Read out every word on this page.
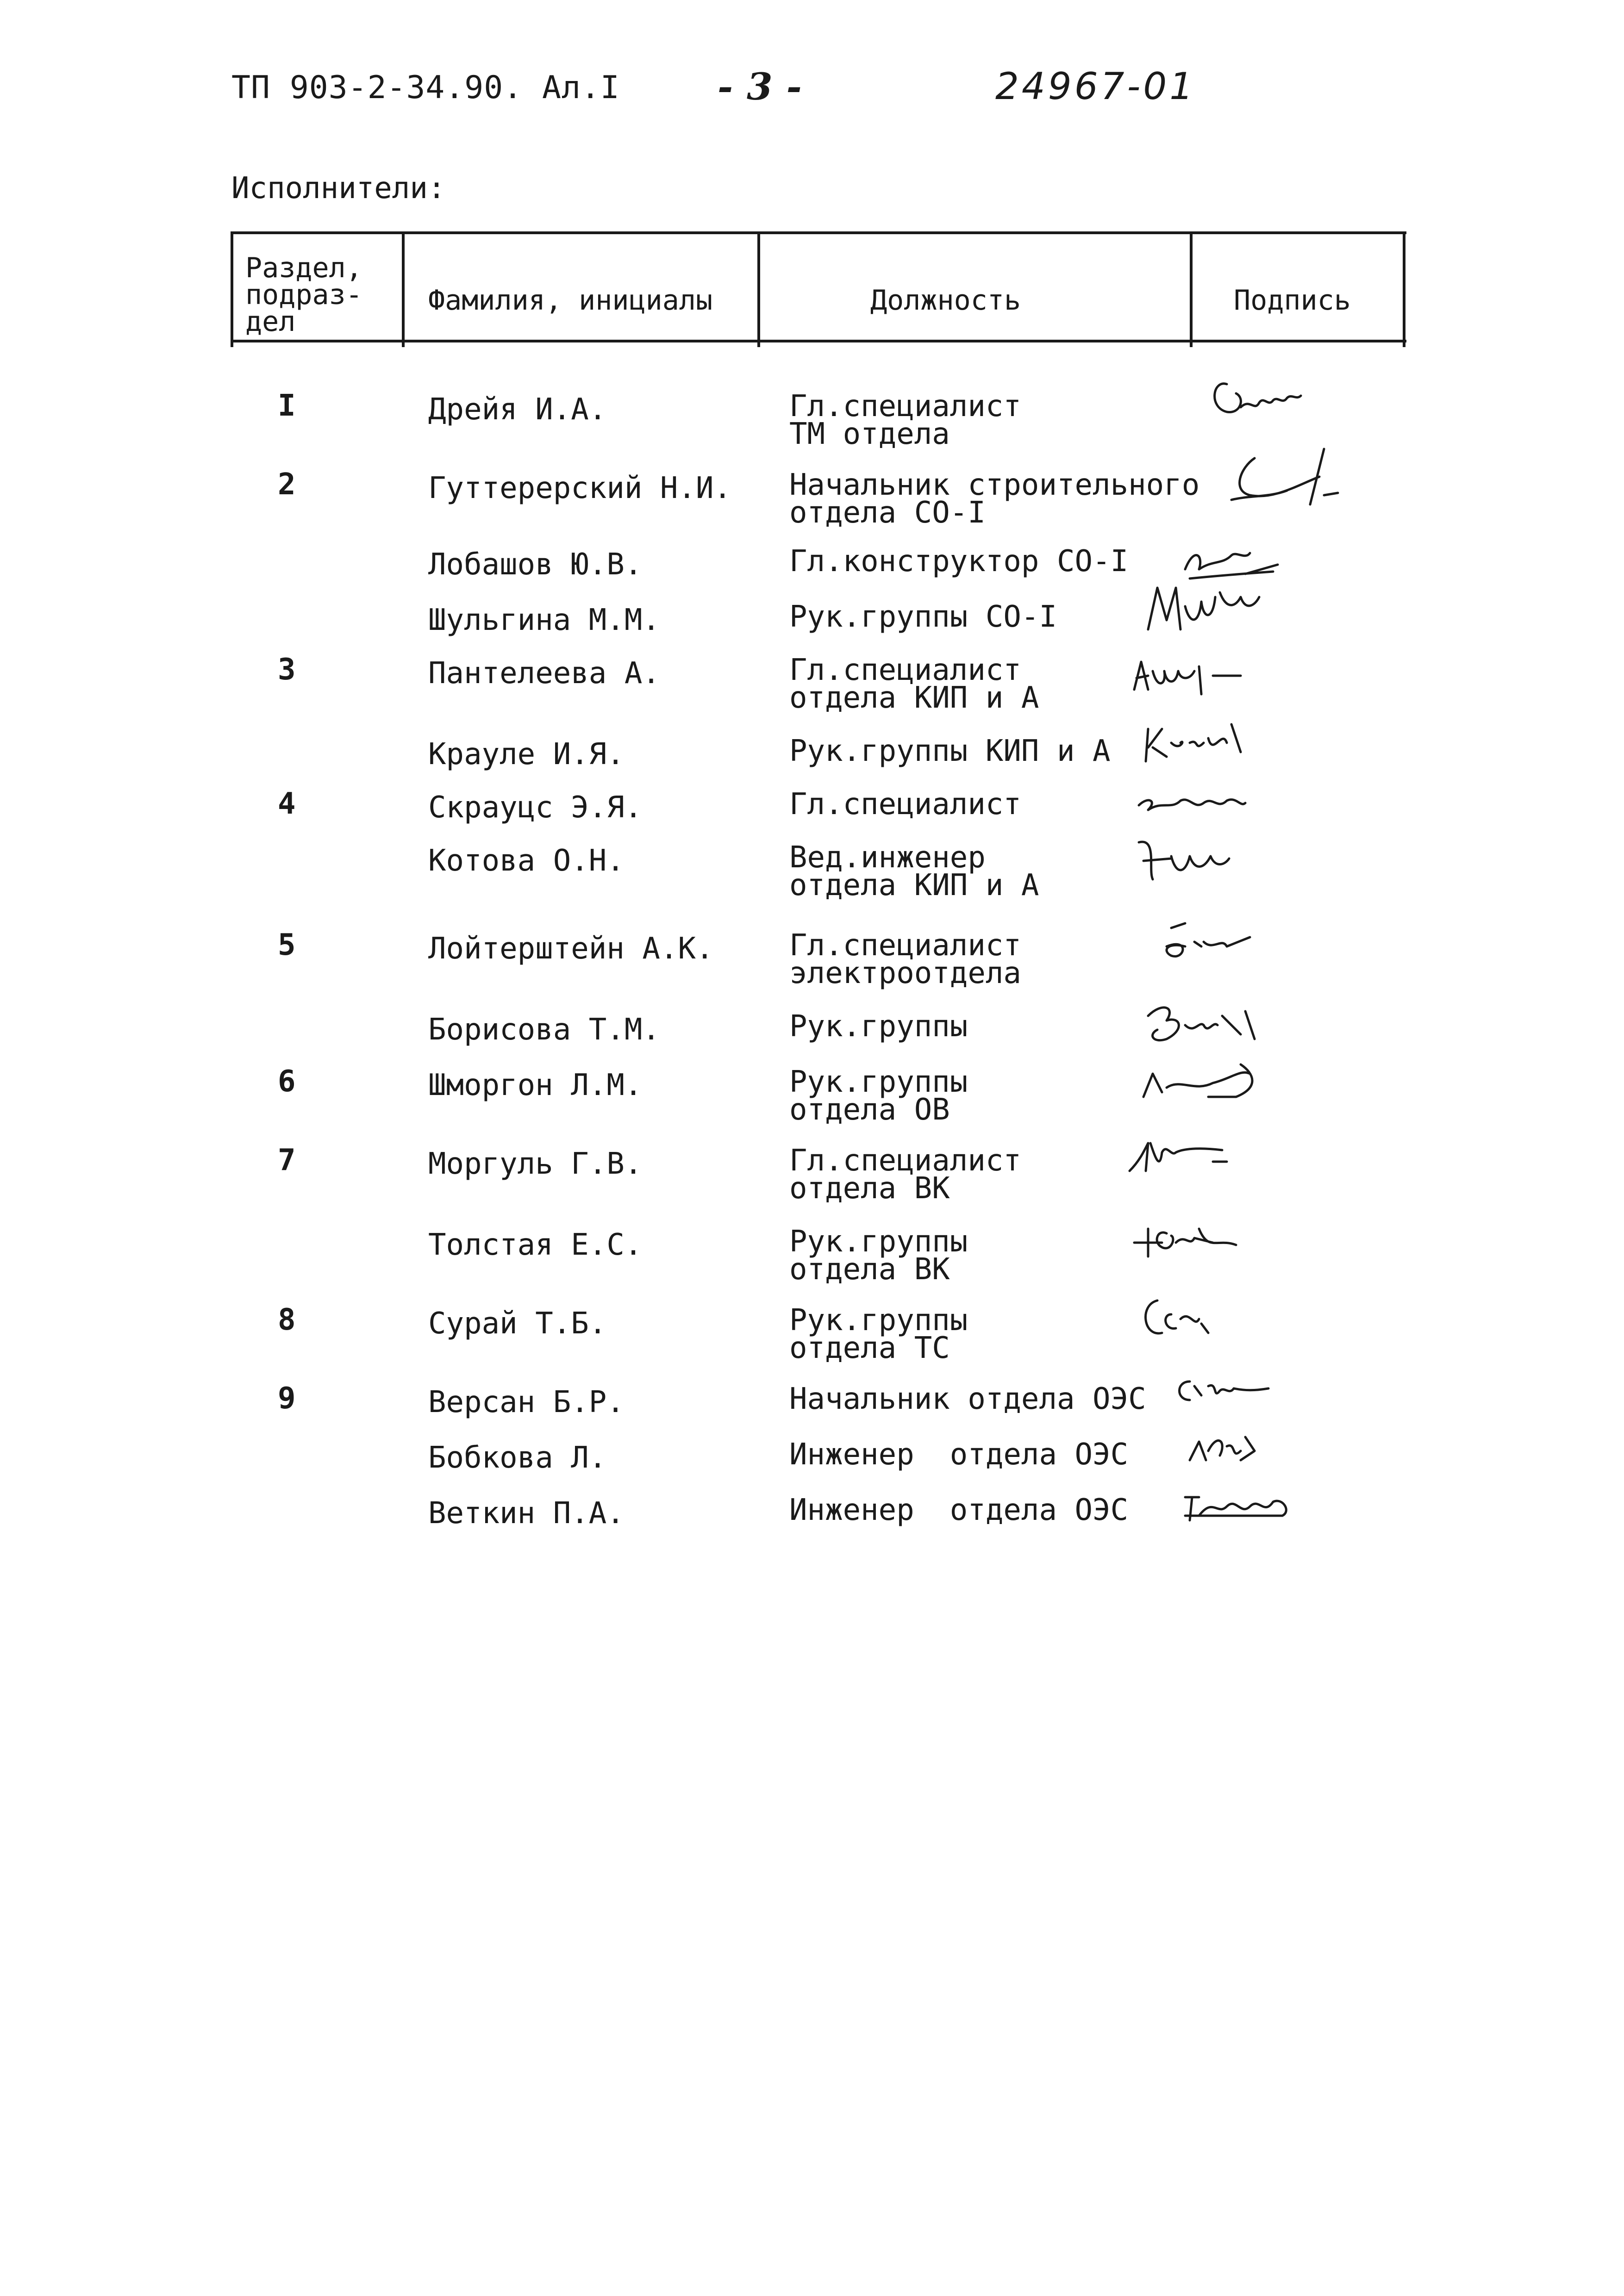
ТП 903-2-34.90. Ал.I	- 3 -	24967-01
Исполнители:
Раздел,
подраз-
дел
Фамилия, инициалы	Должность	Подпись
I	Дрейя И.А.	Гл.специалист
ТМ отдела
2	Гуттерерский Н.И. Начальник строительного
отдела СО-I
Лобашов Ю.В.	Гл.конструктор СО-I
Шульгина М.М.	Рук.группы СО-I
3	Пантелеева А.	Гл.специалист
отдела КИП и А
Крауле И.Я.	Рук.группы КИП и А
4	Скрауцс Э.Я.	Гл.специалист
Котова О.Н.	Вед.инженер
отдела КИП и А
5	Лойтерштейн А.К.	Гл.специалист
электроотдела
Борисова Т.М.	Рук.группы
6	Шморгон Л.М.	Рук.группы
отдела ОВ
7	Моргуль Г.В.	Гл.специалист
отдела ВК
Толстая Е.С.	Рук.группы
отдела ВК
8	Сурай Т.Б.	Рук.группы
отдела ТС
9	Версан Б.Р.	Начальник отдела ОЭС
Бобкова Л.	Инженер  отдела ОЭС
Веткин П.А.	Инженер  отдела ОЭС
